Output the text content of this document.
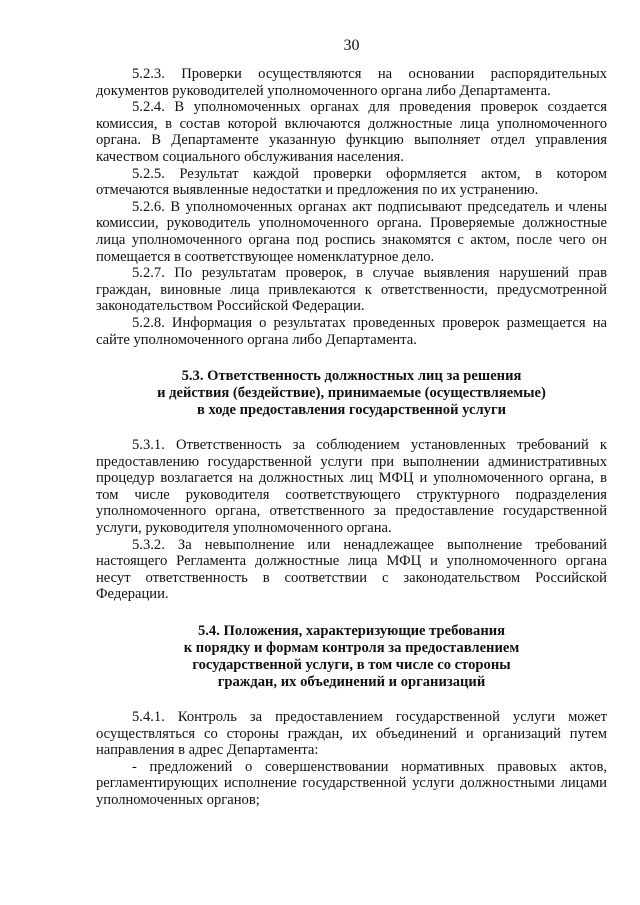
30

5.2.3. Проверки осуществляются на основании распорядительных документов руководителей уполномоченного органа либо Департамента.

5.2.4. В уполномоченных органах для проведения проверок создается комиссия, в состав которой включаются должностные лица уполномоченного органа. В Департаменте указанную функцию выполняет отдел управления качеством социального обслуживания населения.

5.2.5. Результат каждой проверки оформляется актом, в котором отмечаются выявленные недостатки и предложения по их устранению.

5.2.6. В уполномоченных органах акт подписывают председатель и члены комиссии, руководитель уполномоченного органа. Проверяемые должностные лица уполномоченного органа под роспись знакомятся с актом, после чего он помещается в соответствующее номенклатурное дело.

5.2.7. По результатам проверок, в случае выявления нарушений прав граждан, виновные лица привлекаются к ответственности, предусмотренной законодательством Российской Федерации.

5.2.8. Информация о результатах проведенных проверок размещается на сайте уполномоченного органа либо Департамента.

5.3. Ответственность должностных лиц за решения

и действия (бездействие), принимаемые (осуществляемые)

в ходе предоставления государственной услуги

5.3.1. Ответственность за соблюдением установленных требований к предоставлению государственной услуги при выполнении административных процедур возлагается на должностных лиц МФЦ и уполномоченного органа, в том числе руководителя соответствующего структурного подразделения уполномоченного органа, ответственного за предоставление государственной услуги, руководителя уполномоченного органа.

5.3.2. За невыполнение или ненадлежащее выполнение требований настоящего Регламента должностные лица МФЦ и уполномоченного органа несут ответственность в соответствии с законодательством Российской Федерации.

5.4. Положения, характеризующие требования

к порядку и формам контроля за предоставлением

государственной услуги, в том числе со стороны

граждан, их объединений и организаций

5.4.1. Контроль за предоставлением государственной услуги может осуществляться со стороны граждан, их объединений и организаций путем направления в адрес Департамента:

- предложений о совершенствовании нормативных правовых актов, регламентирующих исполнение государственной услуги должностными лицами уполномоченных органов;
